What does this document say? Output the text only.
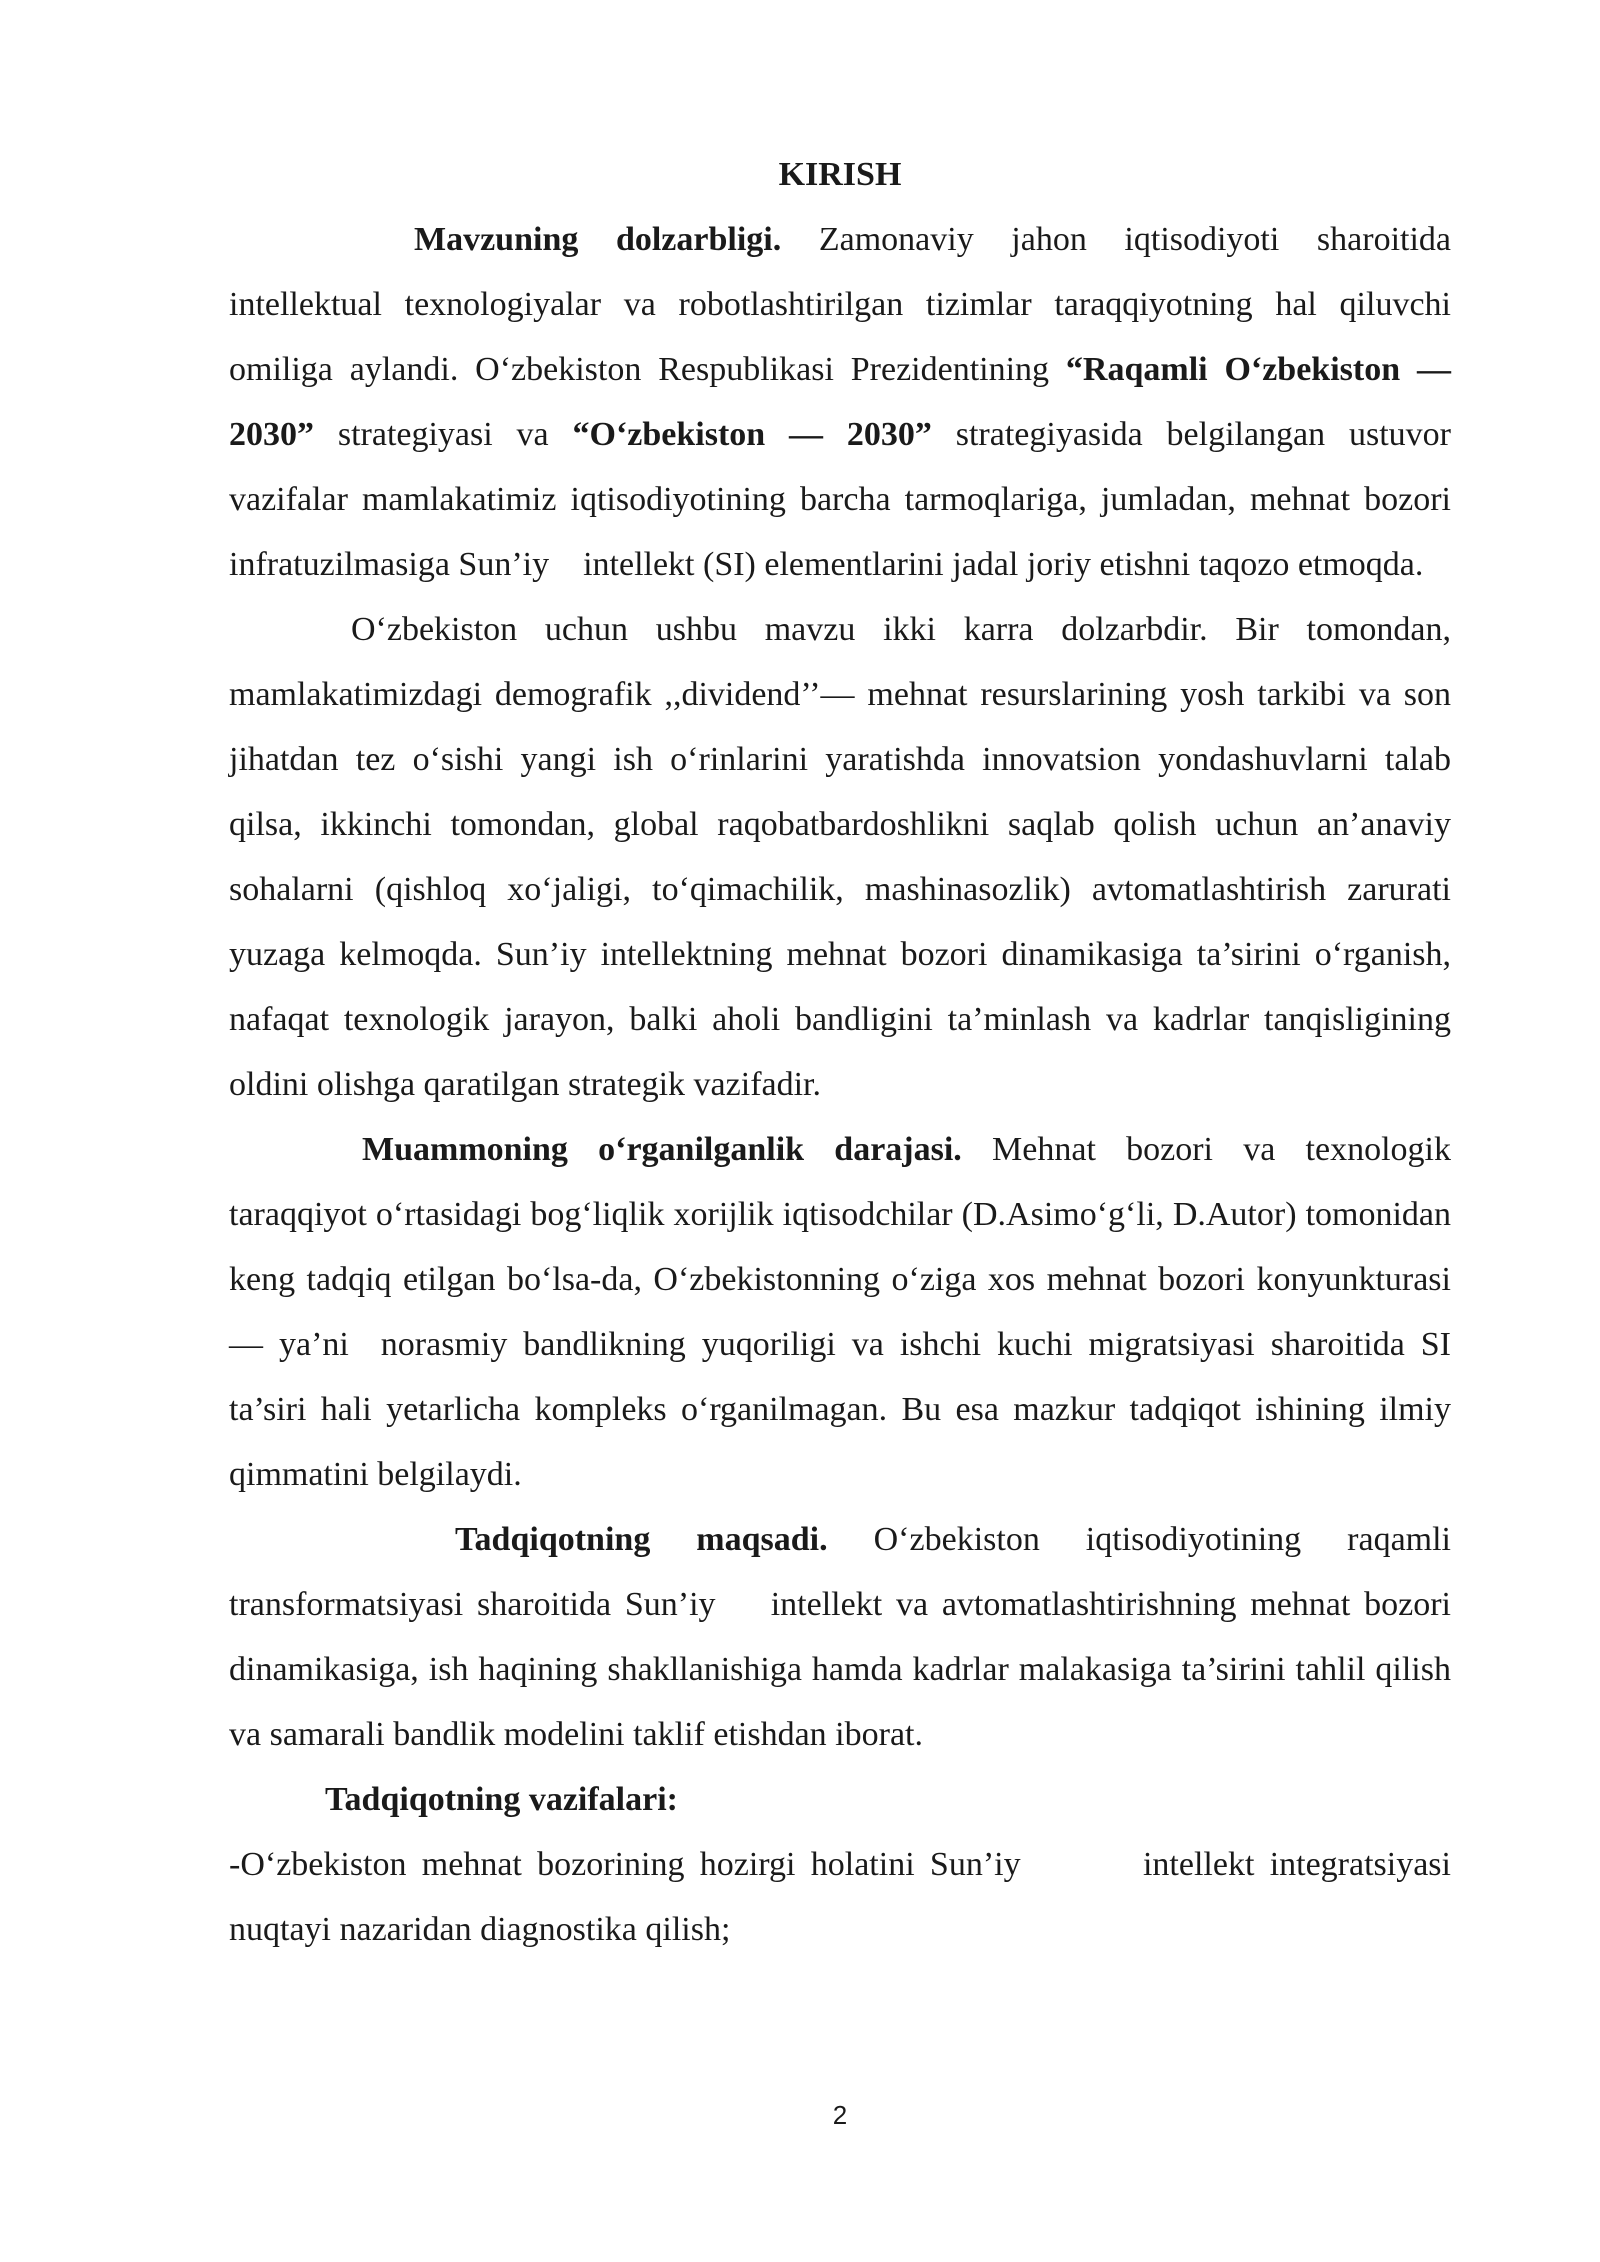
KIRISH

Mavzuning dolzarbligi. Zamonaviy jahon iqtisodiyoti sharoitida intellektual texnologiyalar va robotlashtirilgan tizimlar taraqqiyotning hal qiluvchi omiliga aylandi. O‘zbekiston Respublikasi Prezidentining “Raqamli O‘zbekiston — 2030” strategiyasi va “O‘zbekiston — 2030” strategiyasida belgilangan ustuvor vazifalar mamlakatimiz iqtisodiyotining barcha tarmoqlariga, jumladan, mehnat bozori infratuzilmasiga Sun’iy    intellekt (SI) elementlarini jadal joriy etishni taqozo etmoqda.

O‘zbekiston uchun ushbu mavzu ikki karra dolzarbdir. Bir tomondan, mamlakatimizdagi demografik ,,dividend’’— mehnat resurslarining yosh tarkibi va son jihatdan tez o‘sishi yangi ish o‘rinlarini yaratishda innovatsion yondashuvlarni talab qilsa, ikkinchi tomondan, global raqobatbardoshlikni saqlab qolish uchun an’anaviy sohalarni (qishloq xo‘jaligi, to‘qimachilik, mashinasozlik) avtomatlashtirish zarurati yuzaga kelmoqda. Sun’iy intellektning mehnat bozori dinamikasiga ta’sirini o‘rganish, nafaqat texnologik jarayon, balki aholi bandligini ta’minlash va kadrlar tanqisligining oldini olishga qaratilgan strategik vazifadir.

Muammoning o‘rganilganlik darajasi. Mehnat bozori va texnologik taraqqiyot o‘rtasidagi bog‘liqlik xorijlik iqtisodchilar (D.Asimo‘g‘li, D.Autor) tomonidan keng tadqiq etilgan bo‘lsa-da, O‘zbekistonning o‘ziga xos mehnat bozori konyunkturasi — ya’ni  norasmiy bandlikning yuqoriligi va ishchi kuchi migratsiyasi sharoitida SI ta’siri hali yetarlicha kompleks o‘rganilmagan. Bu esa mazkur tadqiqot ishining ilmiy qimmatini belgilaydi.

Tadqiqotning maqsadi. O‘zbekiston iqtisodiyotining raqamli transformatsiyasi sharoitida Sun’iy    intellekt va avtomatlashtirishning mehnat bozori dinamikasiga, ish haqining shakllanishiga hamda kadrlar malakasiga ta’sirini tahlil qilish va samarali bandlik modelini taklif etishdan iborat.

Tadqiqotning vazifalari:

-O‘zbekiston mehnat bozorining hozirgi holatini Sun’iy        intellekt integratsiyasi nuqtayi nazaridan diagnostika qilish;

2
